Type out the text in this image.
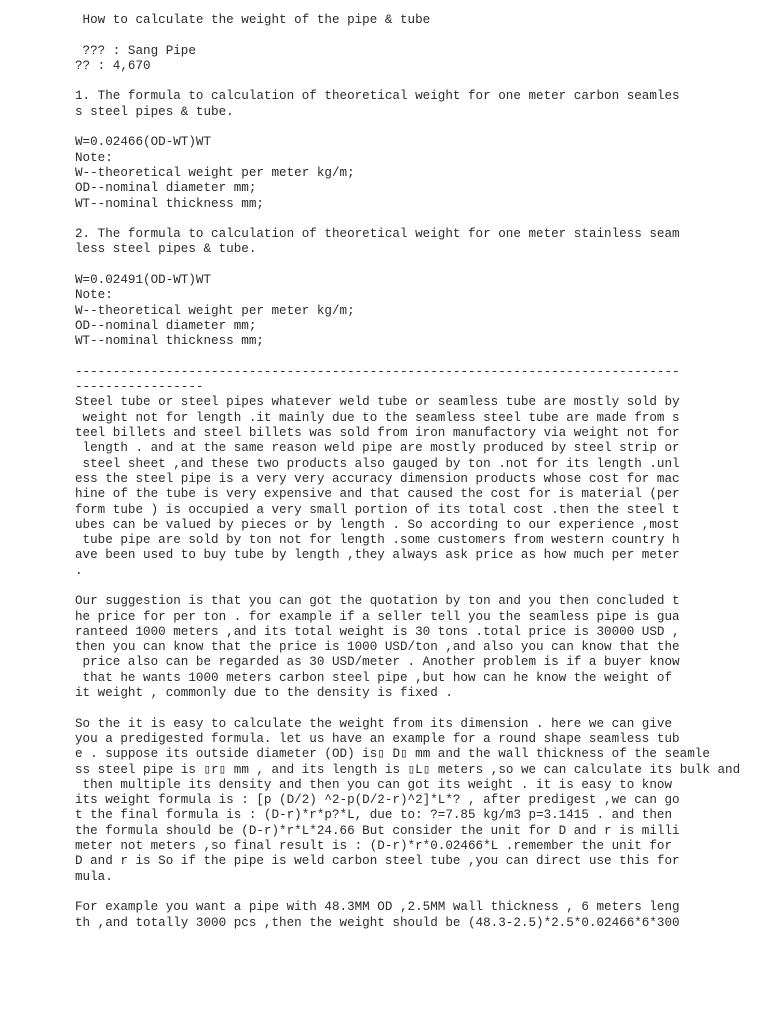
How to calculate the weight of the pipe & tube
??? : Sang Pipe
?? : 4,670
1. The formula to calculation of theoretical weight for one meter carbon seamles
s steel pipes & tube.
W=0.02466(OD-WT)WT
Note:
W--theoretical weight per meter kg/m;
OD--nominal diameter mm;
WT--nominal thickness mm;
2. The formula to calculation of theoretical weight for one meter stainless seam
less steel pipes & tube.
W=0.02491(OD-WT)WT
Note:
W--theoretical weight per meter kg/m;
OD--nominal diameter mm;
WT--nominal thickness mm;
--------------------------------------------------------------------------------
-----------------
Steel tube or steel pipes whatever weld tube or seamless tube are mostly sold by
weight not for length .it mainly due to the seamless steel tube are made from s
teel billets and steel billets was sold from iron manufactory via weight not for
length . and at the same reason weld pipe are mostly produced by steel strip or
steel sheet ,and these two products also gauged by ton .not for its length .unl
ess the steel pipe is a very very accuracy dimension products whose cost for mac
hine of the tube is very expensive and that caused the cost for is material (per
form tube ) is occupied a very small portion of its total cost .then the steel t
ubes can be valued by pieces or by length . So according to our experience ,most
tube pipe are sold by ton not for length .some customers from western country h
ave been used to buy tube by length ,they always ask price as how much per meter
.
Our suggestion is that you can got the quotation by ton and you then concluded t
he price for per ton . for example if a seller tell you the seamless pipe is gua
ranteed 1000 meters ,and its total weight is 30 tons .total price is 30000 USD ,
then you can know that the price is 1000 USD/ton ,and also you can know that the
price also can be regarded as 30 USD/meter . Another problem is if a buyer know
that he wants 1000 meters carbon steel pipe ,but how can he know the weight of
it weight , commonly due to the density is fixed .
So the it is easy to calculate the weight from its dimension . here we can give
you a predigested formula. let us have an example for a round shape seamless tub
e . suppose its outside diameter (OD) is▯ D▯ mm and the wall thickness of the seamle
ss steel pipe is ▯r▯ mm , and its length is ▯L▯ meters ,so we can calculate its bulk and
then multiple its density and then you can got its weight . it is easy to know
its weight formula is : [p (D/2) ^2-p(D/2-r)^2]*L*? , after predigest ,we can go
t the final formula is : (D-r)*r*p?*L, due to: ?=7.85 kg/m3 p=3.1415 . and then
the formula should be (D-r)*r*L*24.66 But consider the unit for D and r is milli
meter not meters ,so final result is : (D-r)*r*0.02466*L .remember the unit for
D and r is So if the pipe is weld carbon steel tube ,you can direct use this for
mula.
For example you want a pipe with 48.3MM OD ,2.5MM wall thickness , 6 meters leng
th ,and totally 3000 pcs ,then the weight should be (48.3-2.5)*2.5*0.02466*6*300
